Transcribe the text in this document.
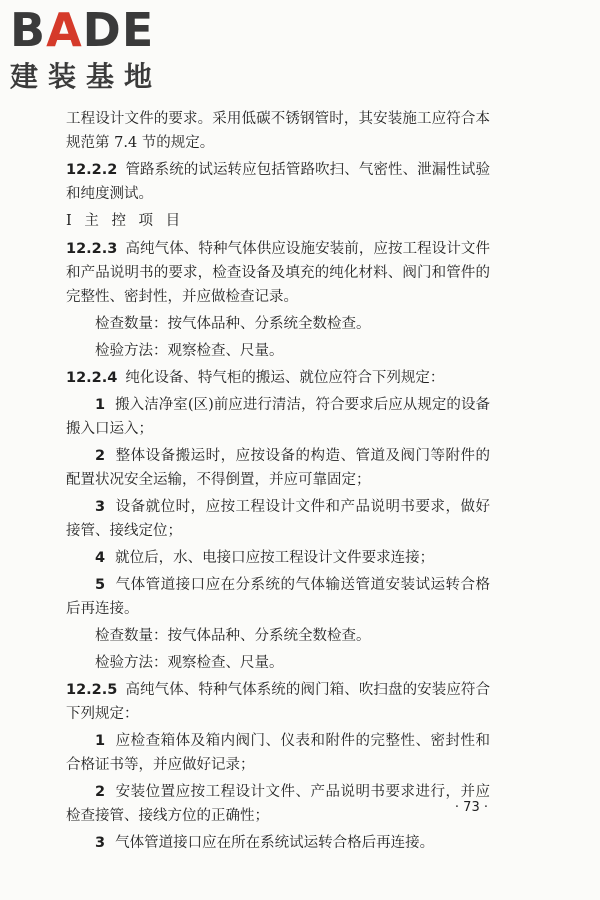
BADE
建装基地

工程设计文件的要求。采用低碳不锈钢管时，其安装施工应符合本规范第 7.4 节的规定。

12.2.2 管路系统的试运转应包括管路吹扫、气密性、泄漏性试验和纯度测试。

Ⅰ 主 控 项 目

12.2.3 高纯气体、特种气体供应设施安装前，应按工程设计文件和产品说明书的要求，检查设备及填充的纯化材料、阀门和管件的完整性、密封性，并应做检查记录。

检查数量：按气体品种、分系统全数检查。

检验方法：观察检查、尺量。

12.2.4 纯化设备、特气柜的搬运、就位应符合下列规定：

1 搬入洁净室(区)前应进行清洁，符合要求后应从规定的设备搬入口运入；

2 整体设备搬运时，应按设备的构造、管道及阀门等附件的配置状况安全运输，不得倒置，并应可靠固定；

3 设备就位时，应按工程设计文件和产品说明书要求，做好接管、接线定位；

4 就位后，水、电接口应按工程设计文件要求连接；

5 气体管道接口应在分系统的气体输送管道安装试运转合格后再连接。

检查数量：按气体品种、分系统全数检查。

检验方法：观察检查、尺量。

12.2.5 高纯气体、特种气体系统的阀门箱、吹扫盘的安装应符合下列规定：

1 应检查箱体及箱内阀门、仪表和附件的完整性、密封性和合格证书等，并应做好记录；

2 安装位置应按工程设计文件、产品说明书要求进行，并应检查接管、接线方位的正确性；

3 气体管道接口应在所在系统试运转合格后再连接。

· 73 ·
